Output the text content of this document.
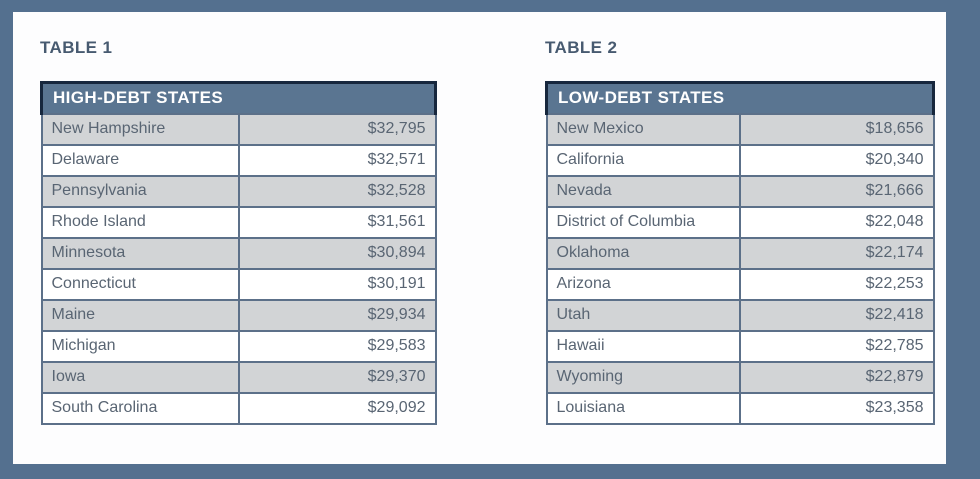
TABLE 1
HIGH-DEBT STATES	
New Hampshire	$32,795
Delaware	$32,571
Pennsylvania	$32,528
Rhode Island	$31,561
Minnesota	$30,894
Connecticut	$30,191
Maine	$29,934
Michigan	$29,583
Iowa	$29,370
South Carolina	$29,092
TABLE 2
LOW-DEBT STATES	
New Mexico	$18,656
California	$20,340
Nevada	$21,666
District of Columbia	$22,048
Oklahoma	$22,174
Arizona	$22,253
Utah	$22,418
Hawaii	$22,785
Wyoming	$22,879
Louisiana	$23,358
